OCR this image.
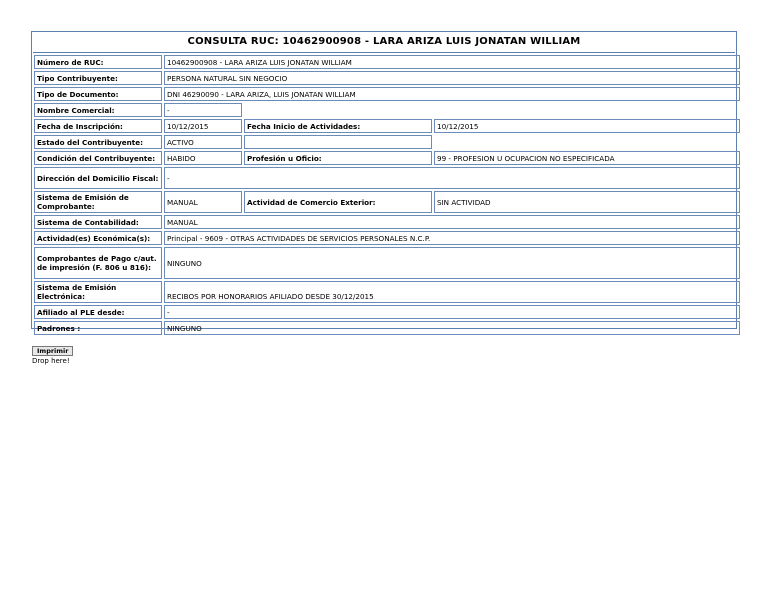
CONSULTA RUC: 10462900908 - LARA ARIZA LUIS JONATAN WILLIAM
Número de RUC:	10462900908 - LARA ARIZA LUIS JONATAN WILLIAM		
Tipo Contribuyente:	PERSONA NATURAL SIN NEGOCIO		
Tipo de Documento:	DNI 46290090 - LARA ARIZA, LUIS JONATAN WILLIAM		
Nombre Comercial:	-		
Fecha de Inscripción:	10/12/2015	Fecha Inicio de Actividades:	10/12/2015
Estado del Contribuyente:	ACTIVO		
Condición del Contribuyente:	HABIDO	Profesión u Oficio:	99 - PROFESION U OCUPACION NO ESPECIFICADA
Dirección del Domicilio Fiscal:	-		
Sistema de Emisión de Comprobante:	MANUAL	Actividad de Comercio Exterior:	SIN ACTIVIDAD
Sistema de Contabilidad:	MANUAL		
Actividad(es) Económica(s):	Principal - 9609 - OTRAS ACTIVIDADES DE SERVICIOS PERSONALES N.C.P.		
Comprobantes de Pago c/aut. de impresión (F. 806 u 816):	NINGUNO		
Sistema de Emisión Electrónica:	RECIBOS POR HONORARIOS AFILIADO DESDE 30/12/2015		
Afiliado al PLE desde:	-		
Padrones :	NINGUNO		
Imprimir
Drop here!
